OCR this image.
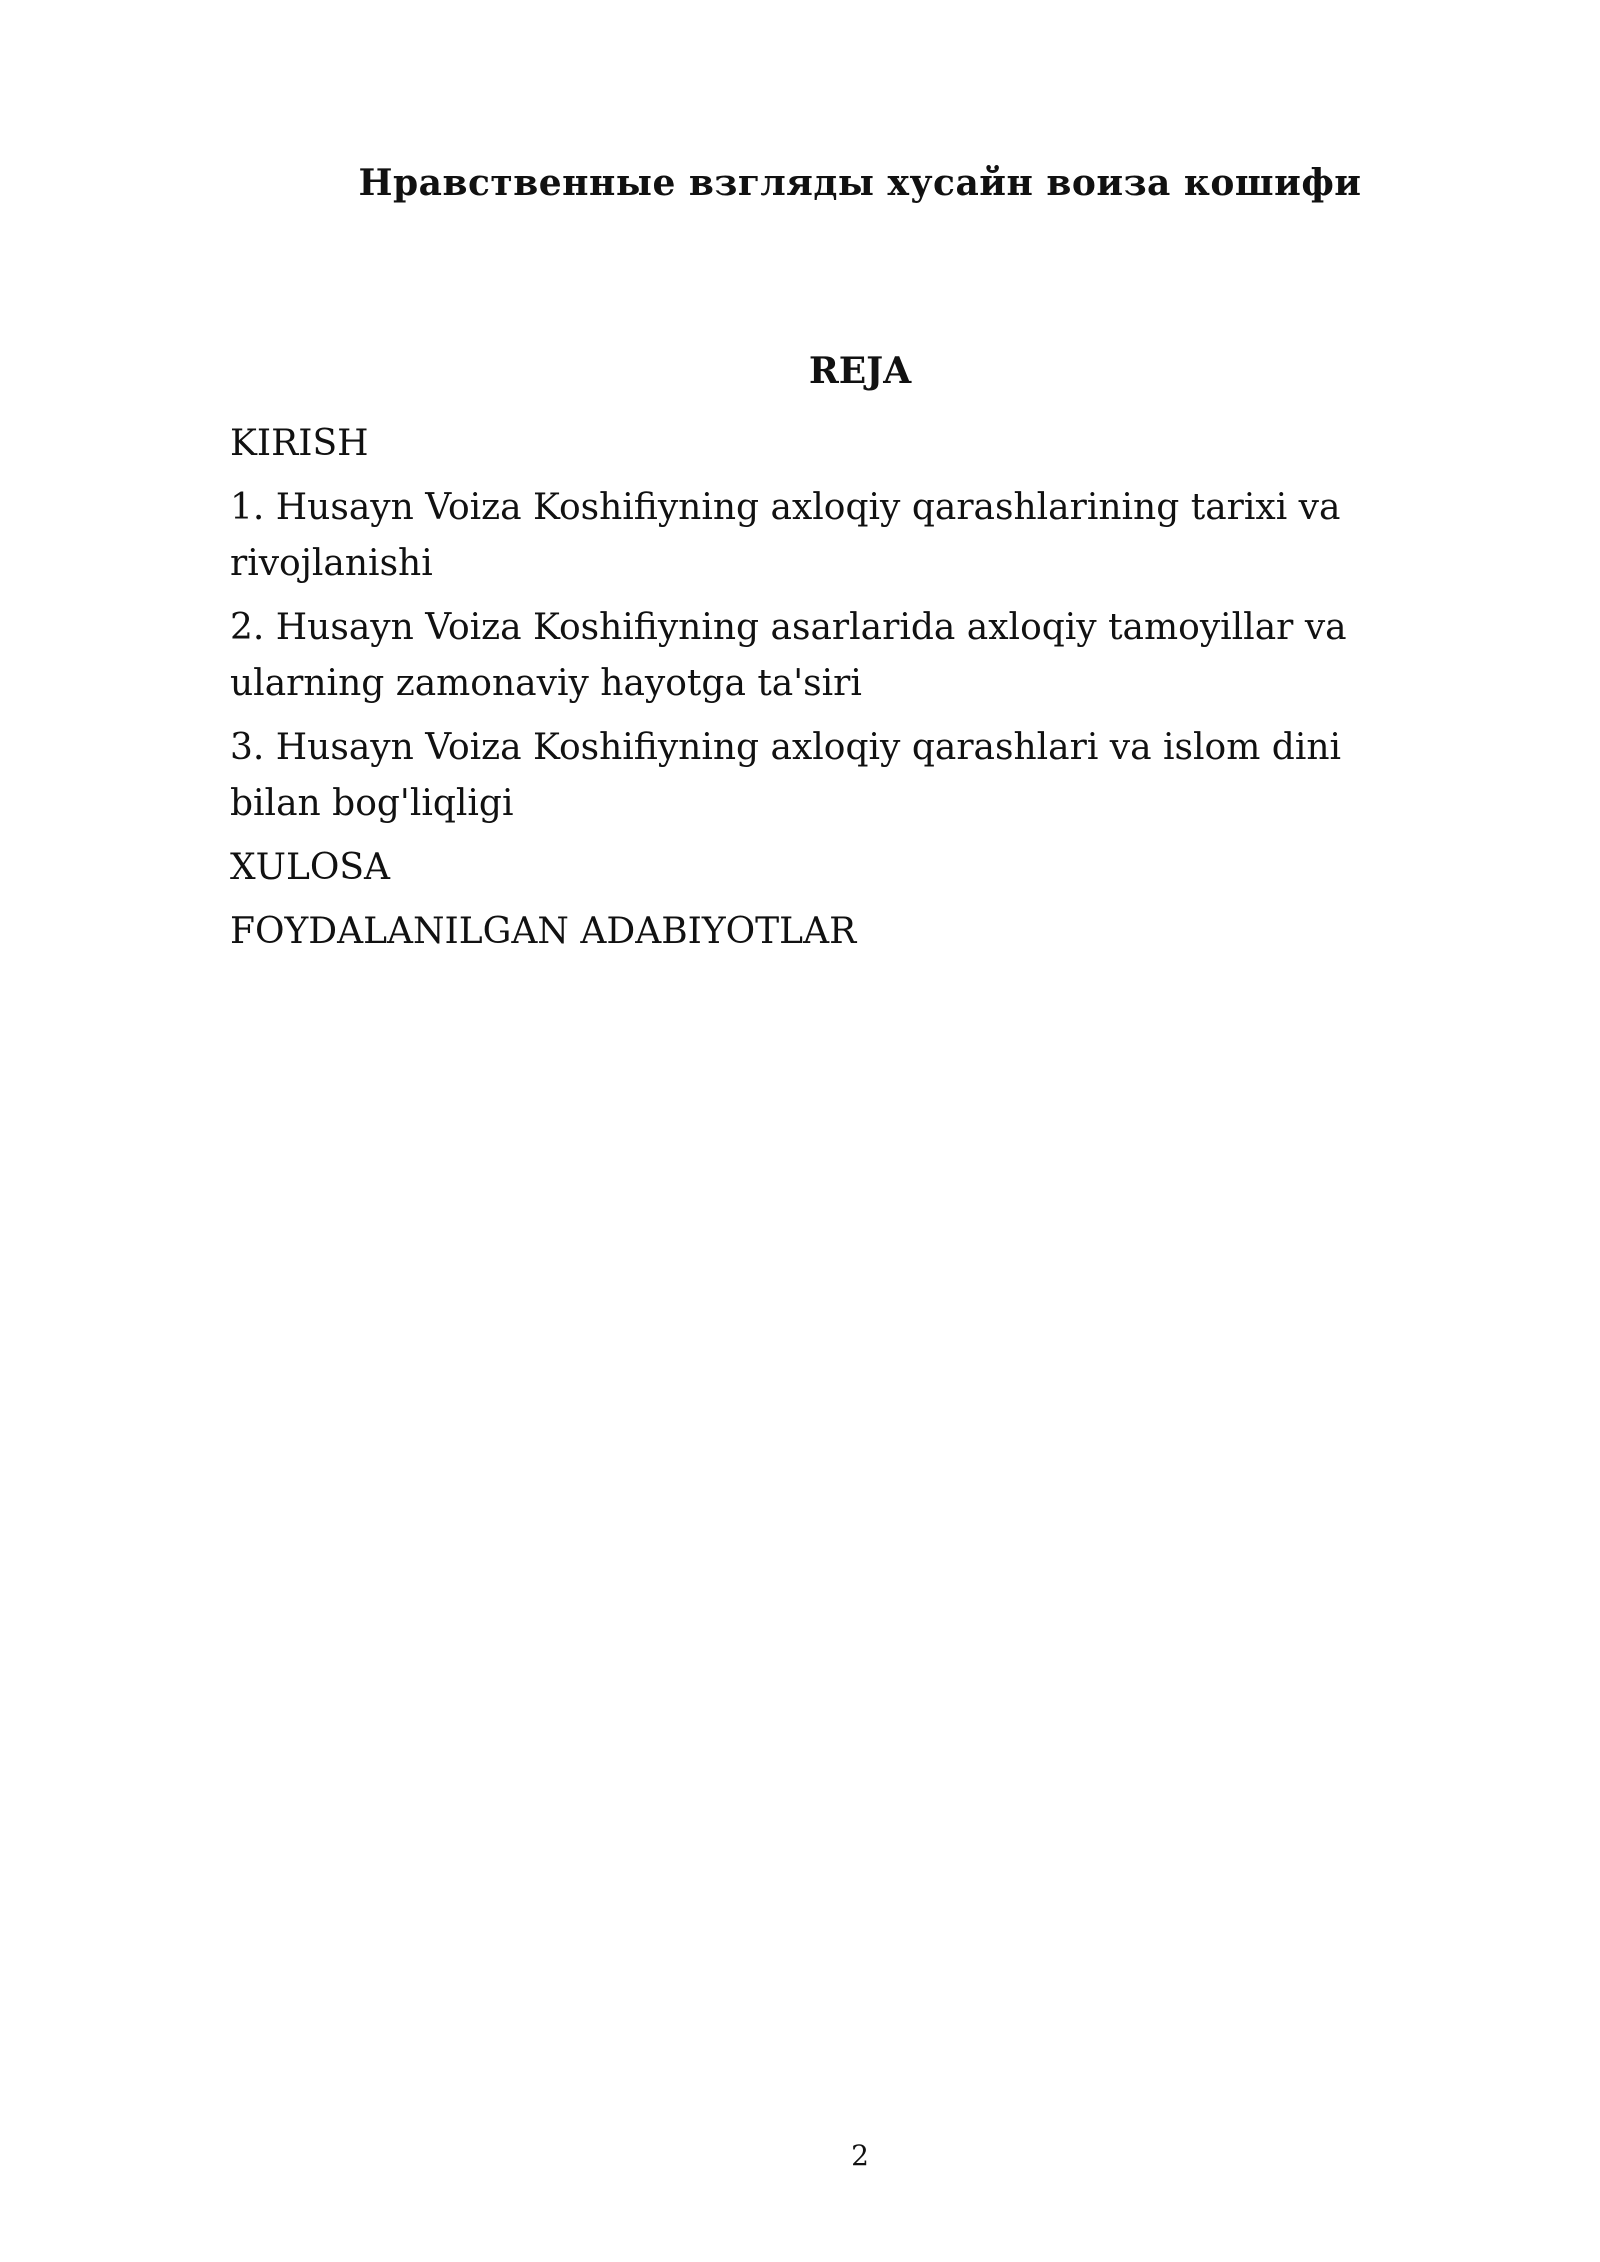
Нравственные взгляды хусайн воиза кошифи
REJA
KIRISH
1. Husayn Voiza Koshifiyning axloqiy qarashlarining tarixi va rivojlanishi
2. Husayn Voiza Koshifiyning asarlarida axloqiy tamoyillar va ularning zamonaviy hayotga ta'siri
3. Husayn Voiza Koshifiyning axloqiy qarashlari va islom dini bilan bog'liqligi
XULOSA
FOYDALANILGAN ADABIYOTLAR
2
